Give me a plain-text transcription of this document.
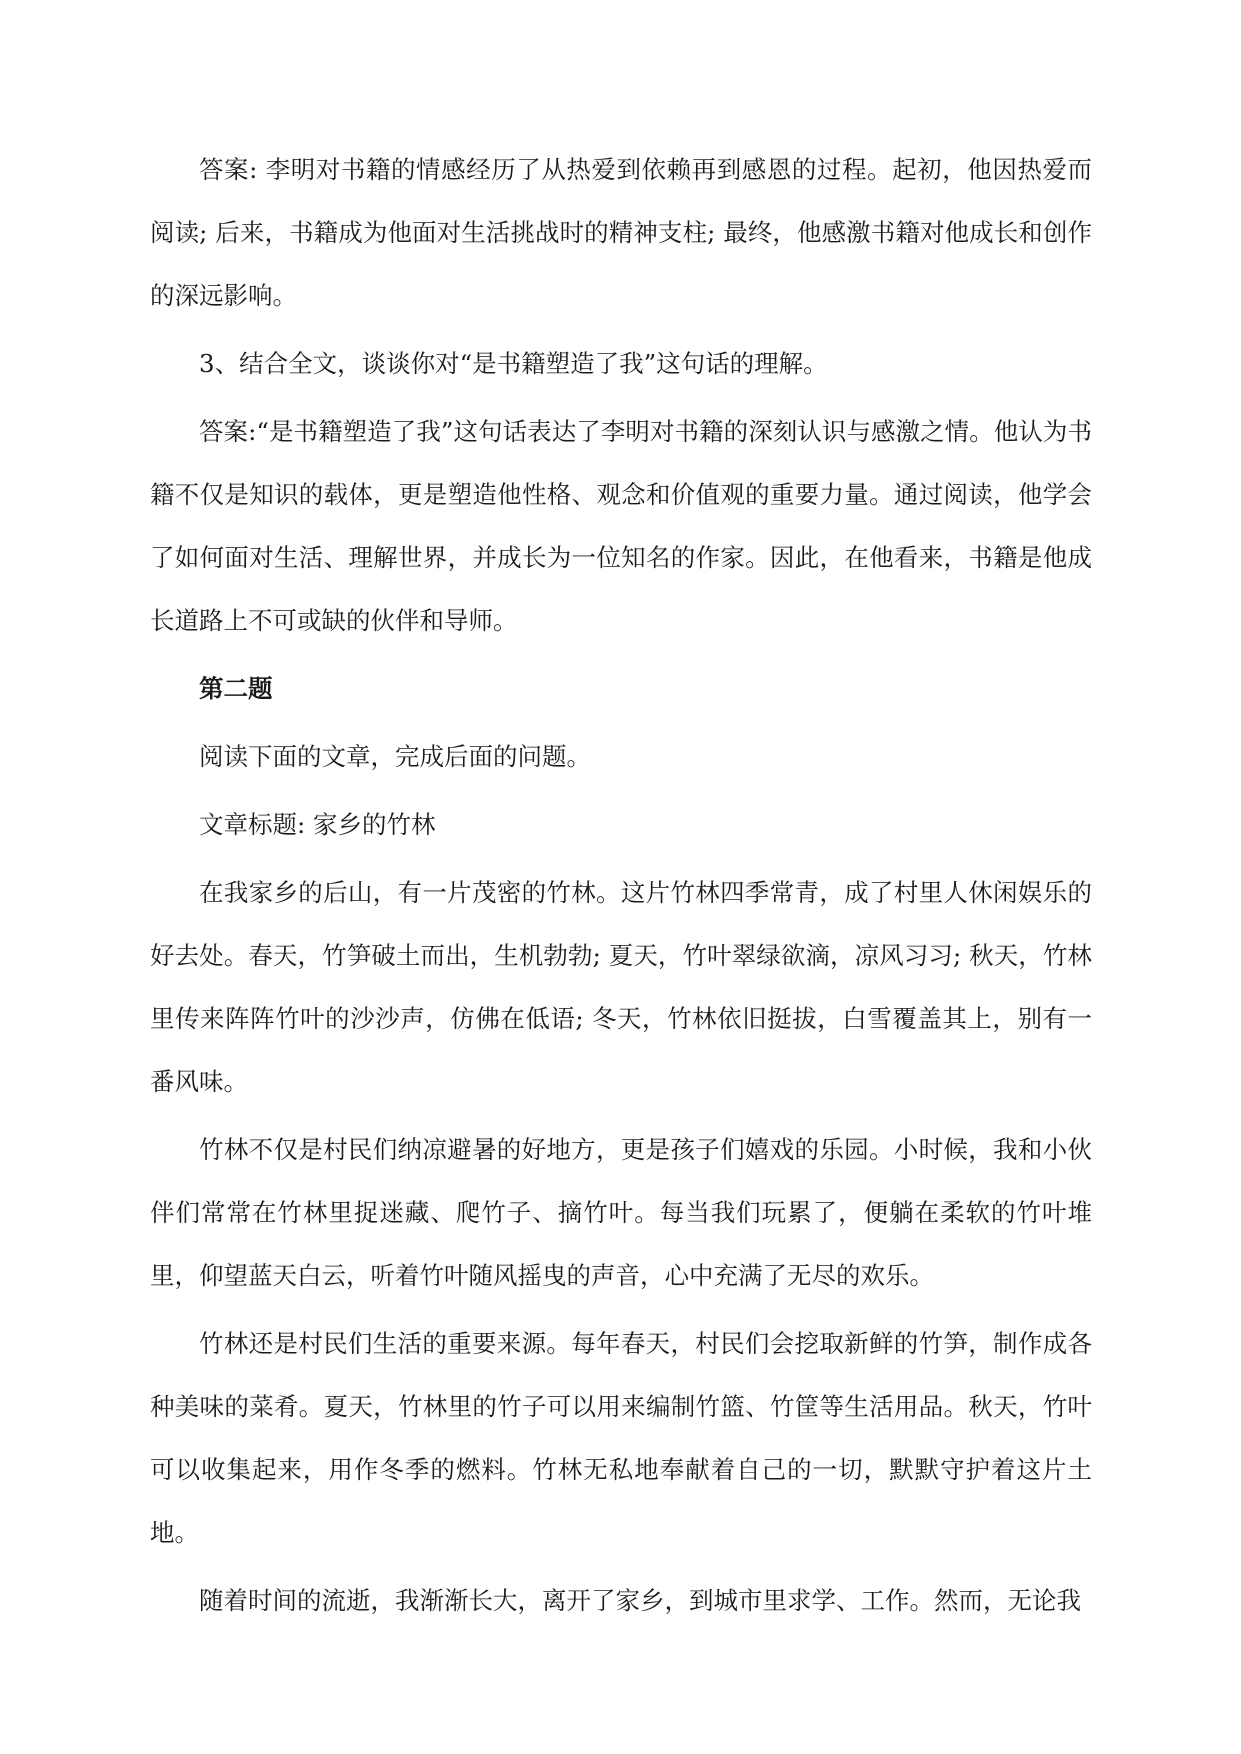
答案: 李明对书籍的情感经历了从热爱到依赖再到感恩的过程。起初，他因热爱而阅读; 后来，书籍成为他面对生活挑战时的精神支柱; 最终，他感激书籍对他成长和创作的深远影响。

3、结合全文，谈谈你对“是书籍塑造了我”这句话的理解。

答案:“是书籍塑造了我”这句话表达了李明对书籍的深刻认识与感激之情。他认为书籍不仅是知识的载体，更是塑造他性格、观念和价值观的重要力量。通过阅读，他学会了如何面对生活、理解世界，并成长为一位知名的作家。因此，在他看来，书籍是他成长道路上不可或缺的伙伴和导师。

第二题

阅读下面的文章，完成后面的问题。

文章标题: 家乡的竹林

在我家乡的后山，有一片茂密的竹林。这片竹林四季常青，成了村里人休闲娱乐的好去处。春天，竹笋破土而出，生机勃勃; 夏天，竹叶翠绿欲滴，凉风习习; 秋天，竹林里传来阵阵竹叶的沙沙声，仿佛在低语; 冬天，竹林依旧挺拔，白雪覆盖其上，别有一番风味。

竹林不仅是村民们纳凉避暑的好地方，更是孩子们嬉戏的乐园。小时候，我和小伙伴们常常在竹林里捉迷藏、爬竹子、摘竹叶。每当我们玩累了，便躺在柔软的竹叶堆里，仰望蓝天白云，听着竹叶随风摇曳的声音，心中充满了无尽的欢乐。

竹林还是村民们生活的重要来源。每年春天，村民们会挖取新鲜的竹笋，制作成各种美味的菜肴。夏天，竹林里的竹子可以用来编制竹篮、竹筐等生活用品。秋天，竹叶可以收集起来，用作冬季的燃料。竹林无私地奉献着自己的一切，默默守护着这片土地。

随着时间的流逝，我渐渐长大，离开了家乡，到城市里求学、工作。然而，无论我
